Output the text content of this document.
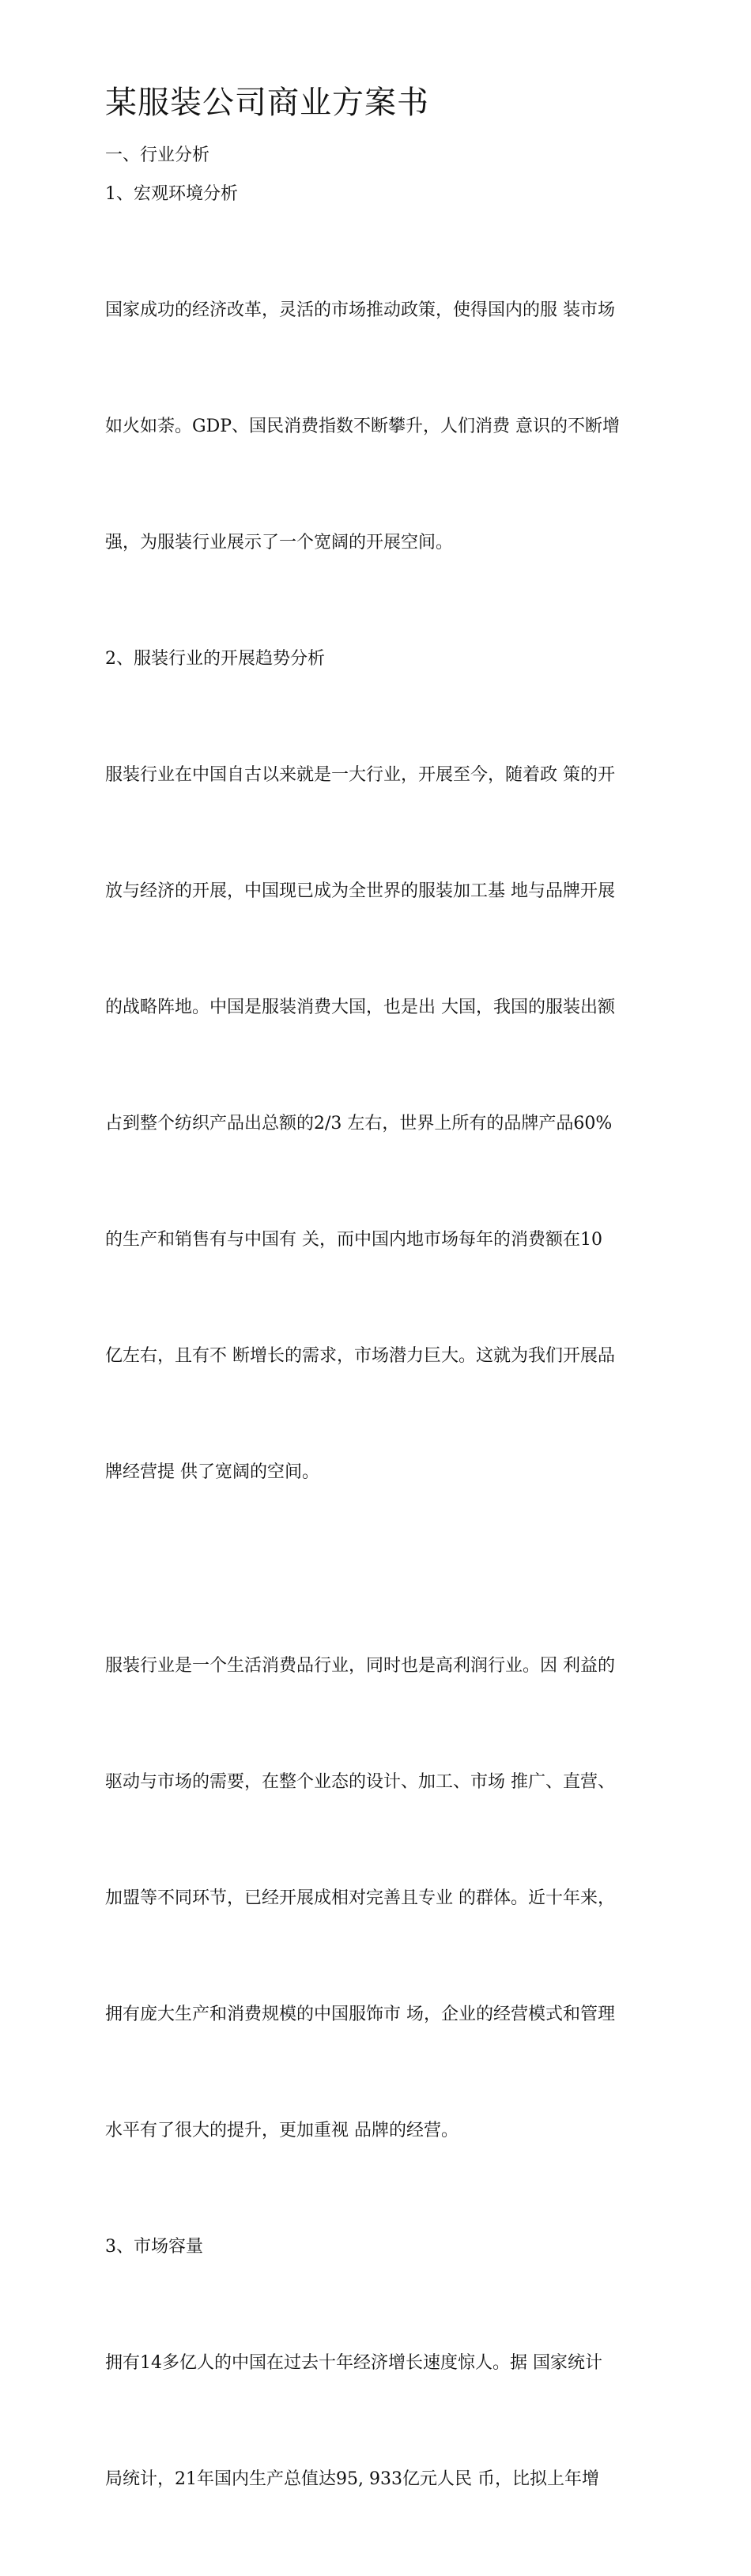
某服装公司商业方案书

一、行业分析

1、宏观环境分析

国家成功的经济改革，灵活的市场推动政策，使得国内的服 装市场

如火如荼。GDP、国民消费指数不断攀升，人们消费 意识的不断增

强，为服装行业展示了一个宽阔的开展空间。

2、服装行业的开展趋势分析

服装行业在中国自古以来就是一大行业，开展至今，随着政 策的开

放与经济的开展，中国现已成为全世界的服装加工基 地与品牌开展

的战略阵地。中国是服装消费大国，也是出 大国，我国的服装出额

占到整个纺织产品出总额的2/3 左右，世界上所有的品牌产品60%

的生产和销售有与中国有 关，而中国内地市场每年的消费额在10

亿左右，且有不 断增长的需求，市场潜力巨大。这就为我们开展品

牌经营提 供了宽阔的空间。

服装行业是一个生活消费品行业，同时也是高利润行业。因 利益的

驱动与市场的需要，在整个业态的设计、加工、市场 推广、直营、

加盟等不同环节，已经开展成相对完善且专业 的群体。近十年来，

拥有庞大生产和消费规模的中国服饰市 场，企业的经营模式和管理

水平有了很大的提升，更加重视 品牌的经营。

3、市场容量

拥有14多亿人的中国在过去十年经济增长速度惊人。据 国家统计

局统计，21年国内生产总值达95, 933亿元人民 币，比拟上年增
